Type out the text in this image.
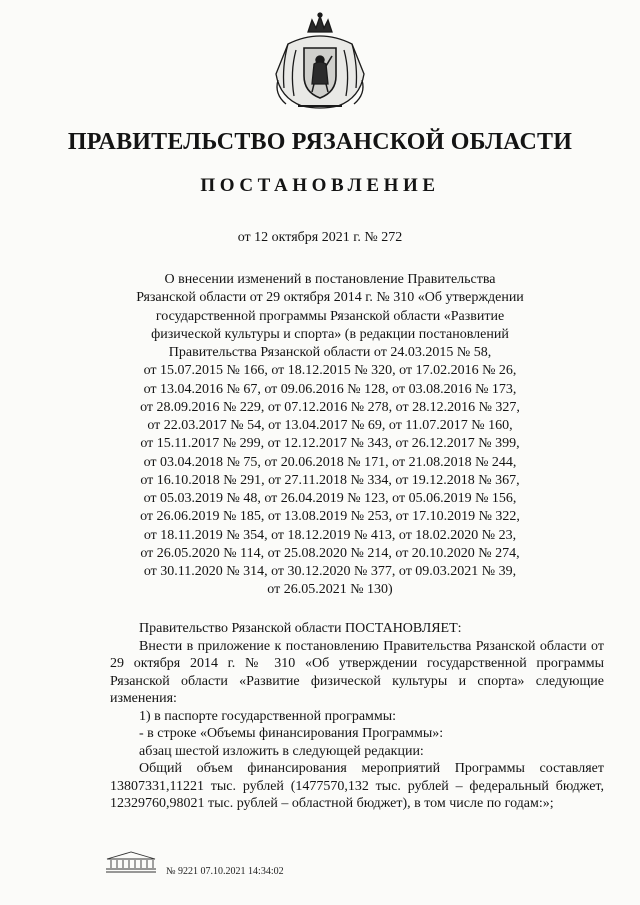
ПРАВИТЕЛЬСТВО РЯЗАНСКОЙ ОБЛАСТИ
ПОСТАНОВЛЕНИЕ
от 12 октября 2021 г. № 272
О внесении изменений в постановление Правительства
Рязанской области от 29 октября 2014 г. № 310 «Об утверждении
государственной программы Рязанской области «Развитие
физической культуры и спорта» (в редакции постановлений
Правительства Рязанской области от 24.03.2015 № 58,
от 15.07.2015 № 166, от 18.12.2015 № 320, от 17.02.2016 № 26,
от 13.04.2016 № 67, от 09.06.2016 № 128, от 03.08.2016 № 173,
от 28.09.2016 № 229, от 07.12.2016 № 278, от 28.12.2016 № 327,
от 22.03.2017 № 54, от 13.04.2017 № 69, от 11.07.2017 № 160,
от 15.11.2017 № 299, от 12.12.2017 № 343, от 26.12.2017 № 399,
от 03.04.2018 № 75, от 20.06.2018 № 171, от 21.08.2018 № 244,
от 16.10.2018 № 291, от 27.11.2018 № 334, от 19.12.2018 № 367,
от 05.03.2019 № 48, от 26.04.2019 № 123, от 05.06.2019 № 156,
от 26.06.2019 № 185, от 13.08.2019 № 253, от 17.10.2019 № 322,
от 18.11.2019 № 354, от 18.12.2019 № 413, от 18.02.2020 № 23,
от 26.05.2020 № 114, от 25.08.2020 № 214, от 20.10.2020 № 274,
от 30.11.2020 № 314, от 30.12.2020 № 377, от 09.03.2021 № 39,
от 26.05.2021 № 130)

Правительство Рязанской области ПОСТАНОВЛЯЕТ:

Внести в приложение к постановлению Правительства Рязанской области от 29 октября 2014 г. № 310 «Об утверждении государственной программы Рязанской области «Развитие физической культуры и спорта» следующие изменения:

1) в паспорте государственной программы:

- в строке «Объемы финансирования Программы»:

абзац шестой изложить в следующей редакции:

Общий объем финансирования мероприятий Программы составляет 13807331,11221 тыс. рублей (1477570,132 тыс. рублей – федеральный бюджет, 12329760,98021 тыс. рублей – областной бюджет), в том числе по годам:»;

№ 9221 07.10.2021 14:34:02
